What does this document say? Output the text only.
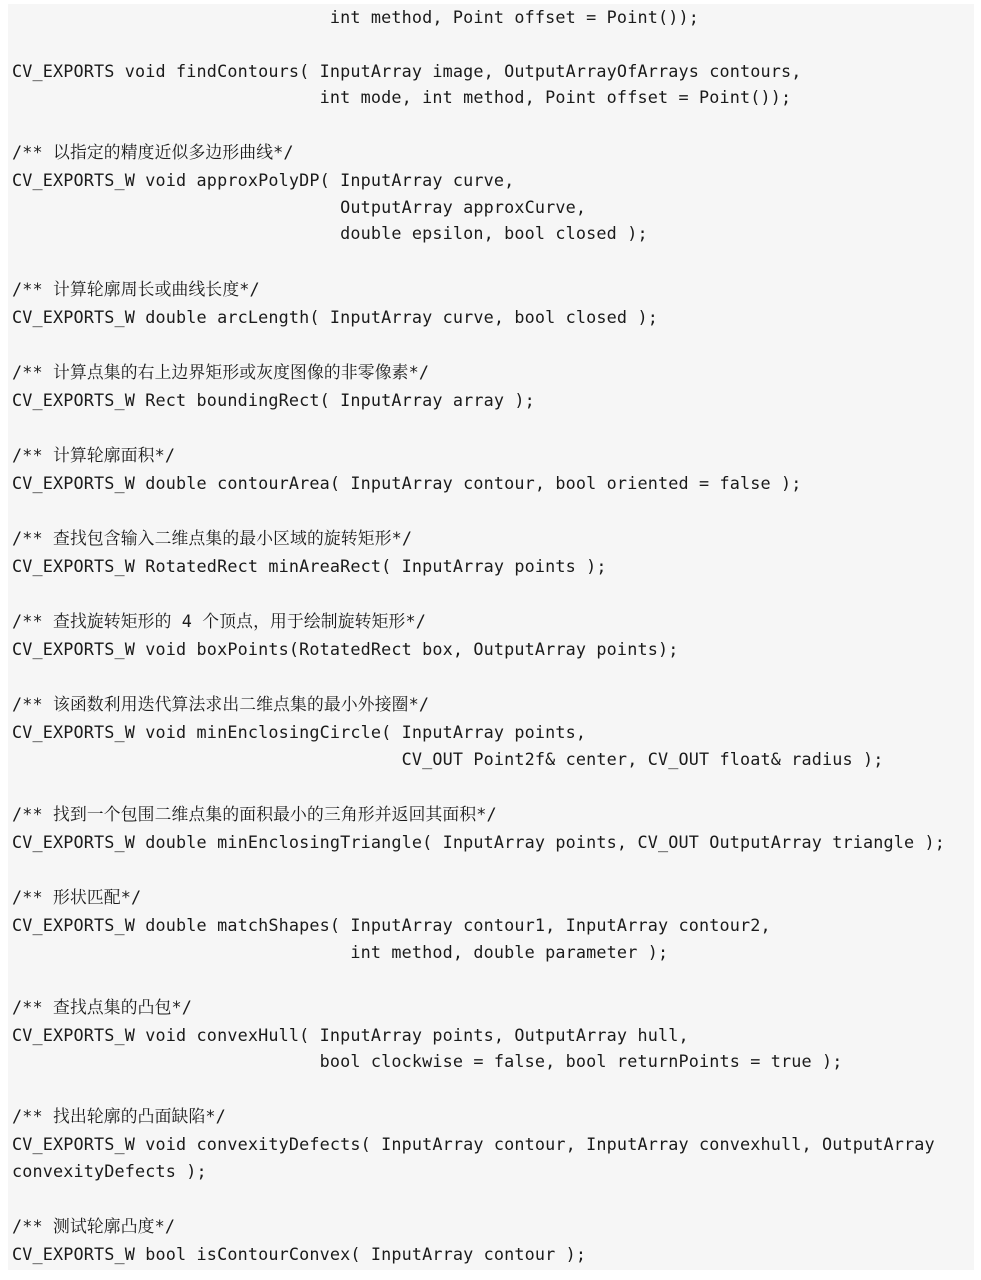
int method, Point offset = Point());
CV_EXPORTS void findContours( InputArray image, OutputArrayOfArrays contours,
int mode, int method, Point offset = Point());
/** 以指定的精度近似多边形曲线*/
CV_EXPORTS_W void approxPolyDP( InputArray curve,
OutputArray approxCurve,
double epsilon, bool closed );
/** 计算轮廓周长或曲线长度*/
CV_EXPORTS_W double arcLength( InputArray curve, bool closed );
/** 计算点集的右上边界矩形或灰度图像的非零像素*/
CV_EXPORTS_W Rect boundingRect( InputArray array );
/** 计算轮廓面积*/
CV_EXPORTS_W double contourArea( InputArray contour, bool oriented = false );
/** 查找包含输入二维点集的最小区域的旋转矩形*/
CV_EXPORTS_W RotatedRect minAreaRect( InputArray points );
/** 查找旋转矩形的 4 个顶点，用于绘制旋转矩形*/
CV_EXPORTS_W void boxPoints(RotatedRect box, OutputArray points);
/** 该函数利用迭代算法求出二维点集的最小外接圈*/
CV_EXPORTS_W void minEnclosingCircle( InputArray points,
CV_OUT Point2f& center, CV_OUT float& radius );
/** 找到一个包围二维点集的面积最小的三角形并返回其面积*/
CV_EXPORTS_W double minEnclosingTriangle( InputArray points, CV_OUT OutputArray triangle );
/** 形状匹配*/
CV_EXPORTS_W double matchShapes( InputArray contour1, InputArray contour2,
int method, double parameter );
/** 查找点集的凸包*/
CV_EXPORTS_W void convexHull( InputArray points, OutputArray hull,
bool clockwise = false, bool returnPoints = true );
/** 找出轮廓的凸面缺陷*/
CV_EXPORTS_W void convexityDefects( InputArray contour, InputArray convexhull, OutputArray
convexityDefects );
/** 测试轮廓凸度*/
CV_EXPORTS_W bool isContourConvex( InputArray contour );
